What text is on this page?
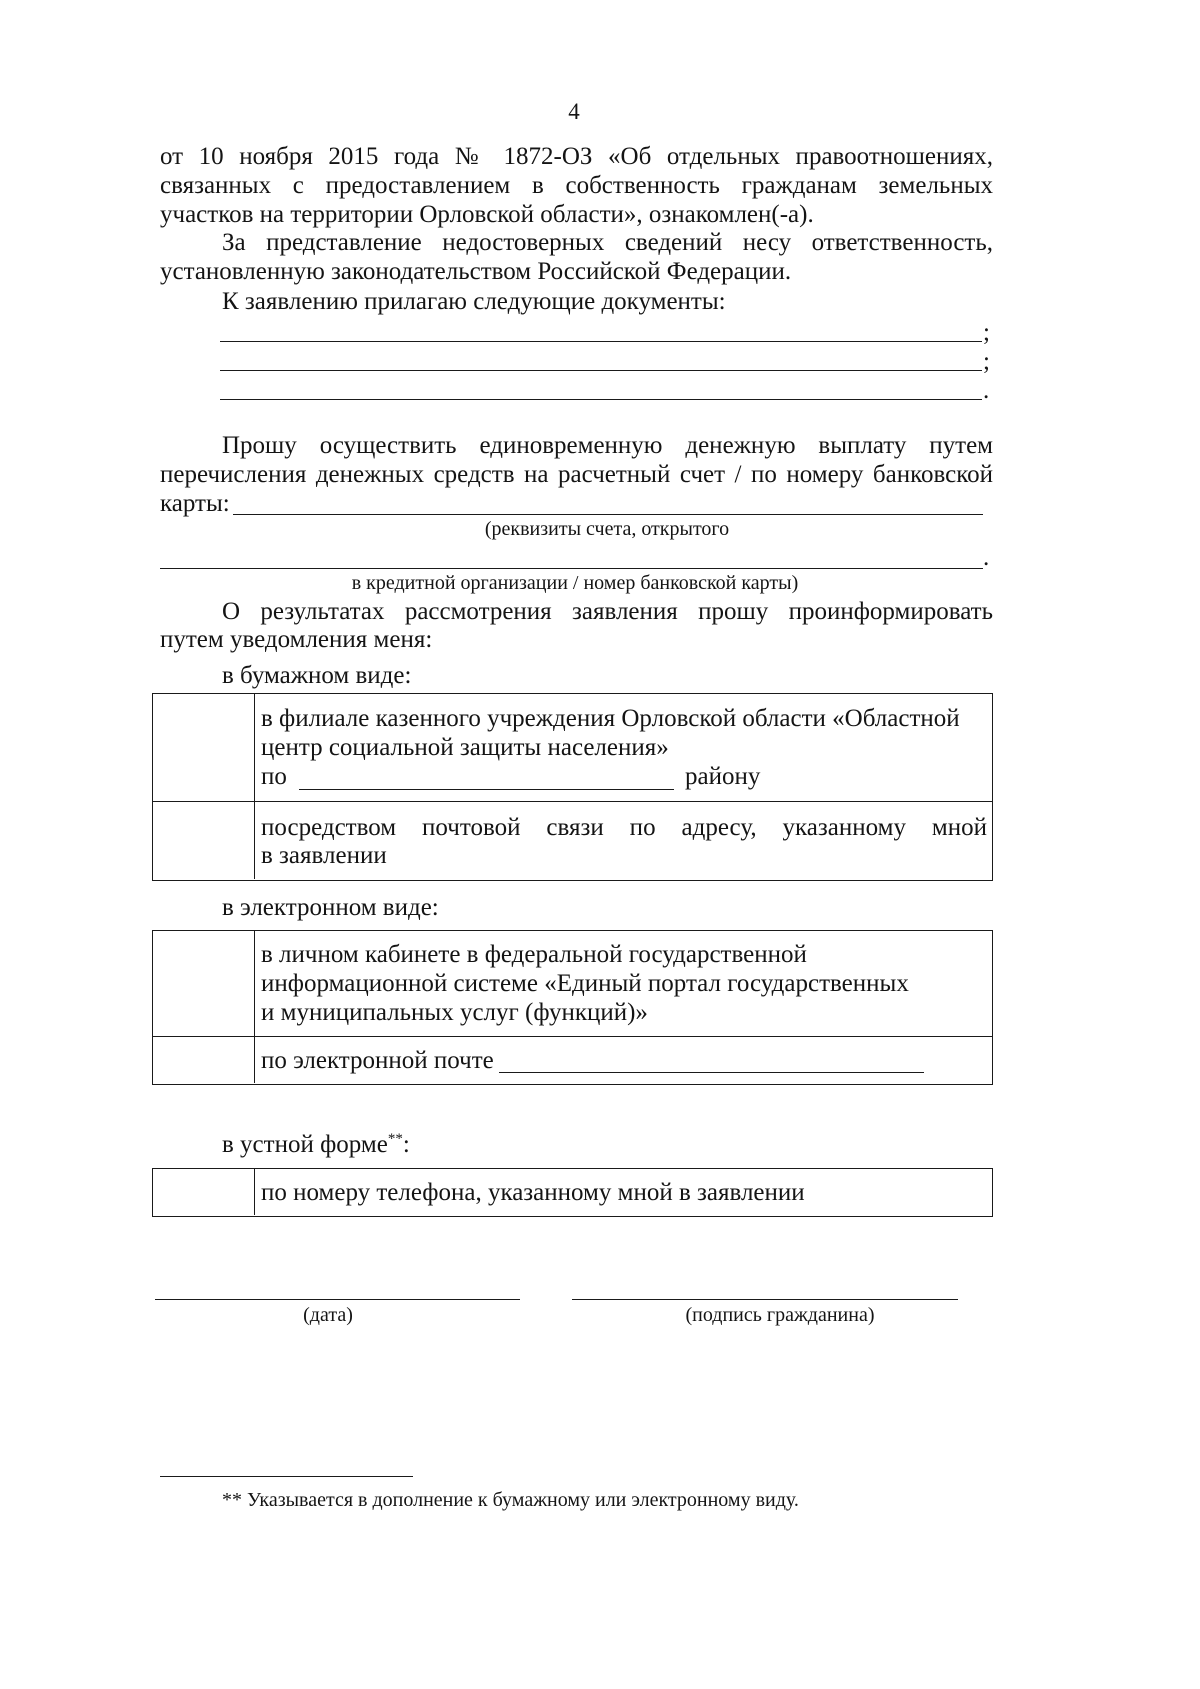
4
от 10 ноября 2015 года № 1872-ОЗ «Об отдельных правоотношениях,
связанных с предоставлением в собственность гражданам земельных
участков на территории Орловской области», ознакомлен(-а).
За представление недостоверных сведений несу ответственность,
установленную законодательством Российской Федерации.
К заявлению прилагаю следующие документы:
;
;
.
Прошу осуществить единовременную денежную выплату путем
перечисления денежных средств на расчетный счет / по номеру банковской
карты:
(реквизиты счета, открытого
.
в кредитной организации / номер банковской карты)
О результатах рассмотрения заявления прошу проинформировать
путем уведомления меня:
в бумажном виде:
в филиале казенного учреждения Орловской области «Областной
центр социальной защиты населения»
по	району
посредством почтовой связи по адресу, указанному мной
в заявлении
в электронном виде:
в личном кабинете в федеральной государственной
информационной системе «Единый портал государственных
и муниципальных услуг (функций)»
по электронной почте
в устной форме**:
по номеру телефона, указанному мной в заявлении
(дата)	(подпись гражданина)
** Указывается в дополнение к бумажному или электронному виду.
